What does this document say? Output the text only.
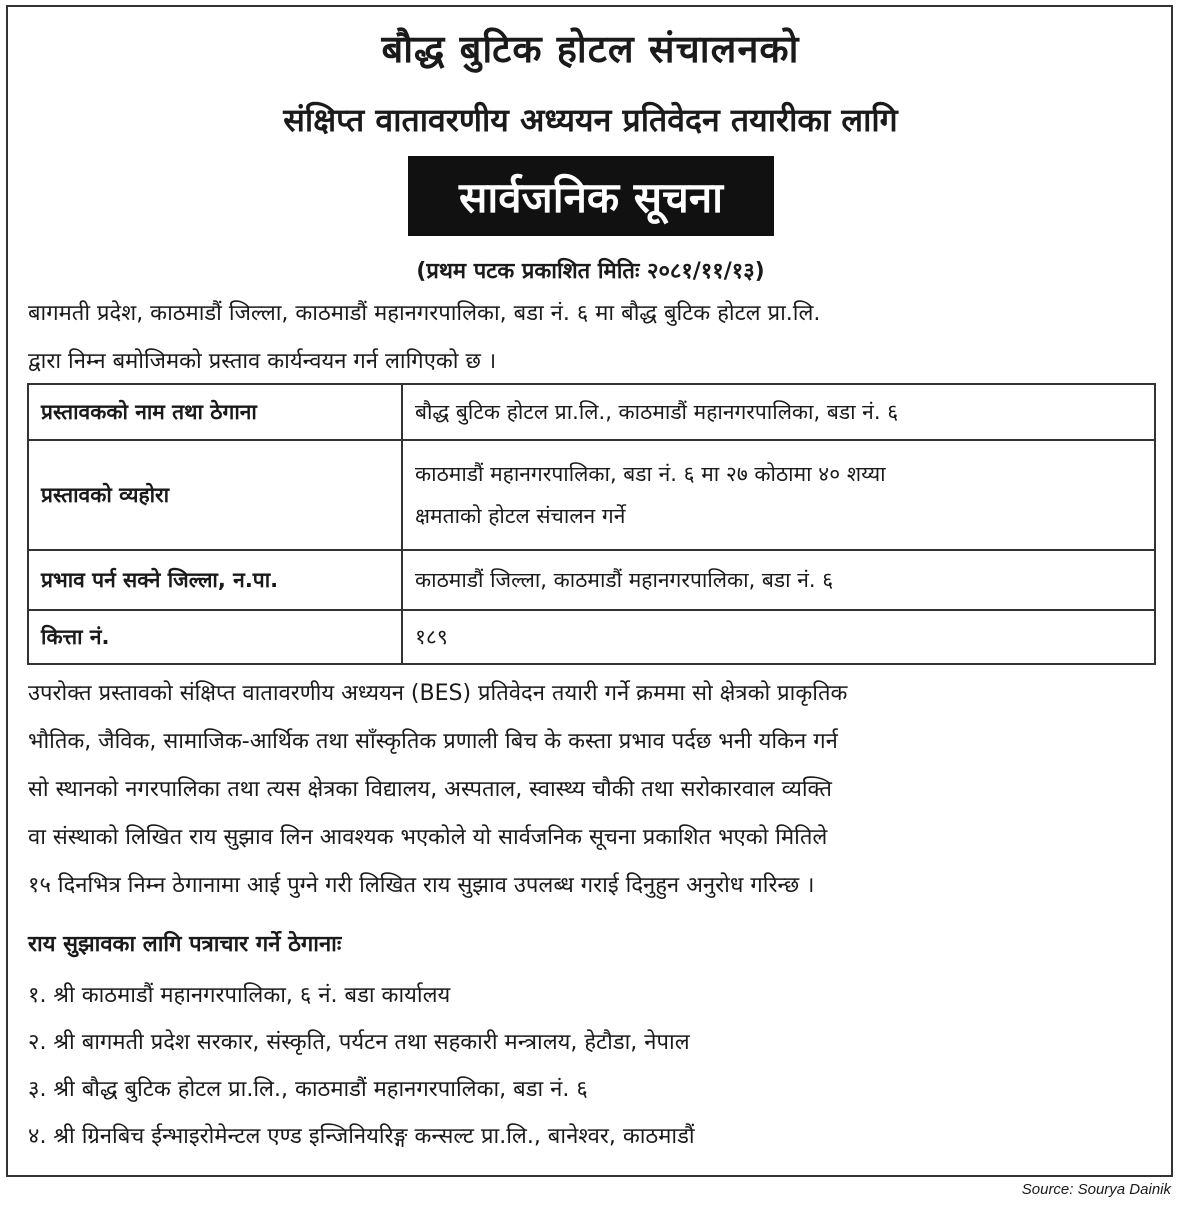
बौद्ध बुटिक होटल संचालनको
संक्षिप्त वातावरणीय अध्ययन प्रतिवेदन तयारीका लागि
सार्वजनिक सूचना
(प्रथम पटक प्रकाशित मितिः २०८१/११/१३)

बागमती प्रदेश, काठमाडौं जिल्ला, काठमाडौं महानगरपालिका, बडा नं. ६ मा बौद्ध बुटिक होटल प्रा.लि.

द्वारा निम्न बमोजिमको प्रस्ताव कार्यन्वयन गर्न लागिएको छ ।

प्रस्तावकको नाम तथा ठेगाना	बौद्ध बुटिक होटल प्रा.लि., काठमाडौं महानगरपालिका, बडा नं. ६
प्रस्तावको व्यहोरा	काठमाडौं महानगरपालिका, बडा नं. ६ मा २७ कोठामा ४० शय्या
क्षमताको होटल संचालन गर्ने

प्रभाव पर्न सक्ने जिल्ला, न.पा.	काठमाडौं जिल्ला, काठमाडौं महानगरपालिका, बडा नं. ६
कित्ता नं.	१८९

उपरोक्त प्रस्तावको संक्षिप्त वातावरणीय अध्ययन (BES) प्रतिवेदन तयारी गर्ने क्रममा सो क्षेत्रको प्राकृतिक

भौतिक, जैविक, सामाजिक-आर्थिक तथा साँस्कृतिक प्रणाली बिच के कस्ता प्रभाव पर्दछ भनी यकिन गर्न

सो स्थानको नगरपालिका तथा त्यस क्षेत्रका विद्यालय, अस्पताल, स्वास्थ्य चौकी तथा सरोकारवाल व्यक्ति

वा संस्थाको लिखित राय सुझाव लिन आवश्यक भएकोले यो सार्वजनिक सूचना प्रकाशित भएको मितिले

१५ दिनभित्र निम्न ठेगानामा आई पुग्ने गरी लिखित राय सुझाव उपलब्ध गराई दिनुहुन अनुरोध गरिन्छ ।

राय सुझावका लागि पत्राचार गर्ने ठेगानाः

१. श्री काठमाडौं महानगरपालिका, ६ नं. बडा कार्यालय

२. श्री बागमती प्रदेश सरकार, संस्कृति, पर्यटन तथा सहकारी मन्त्रालय, हेटौडा, नेपाल

३. श्री बौद्ध बुटिक होटल प्रा.लि., काठमाडौं महानगरपालिका, बडा नं. ६

४. श्री ग्रिनबिच ईन्भाइरोमेन्टल एण्ड इन्जिनियरिङ्ग कन्सल्ट प्रा.लि., बानेश्वर, काठमाडौं

Source: Sourya Dainik
